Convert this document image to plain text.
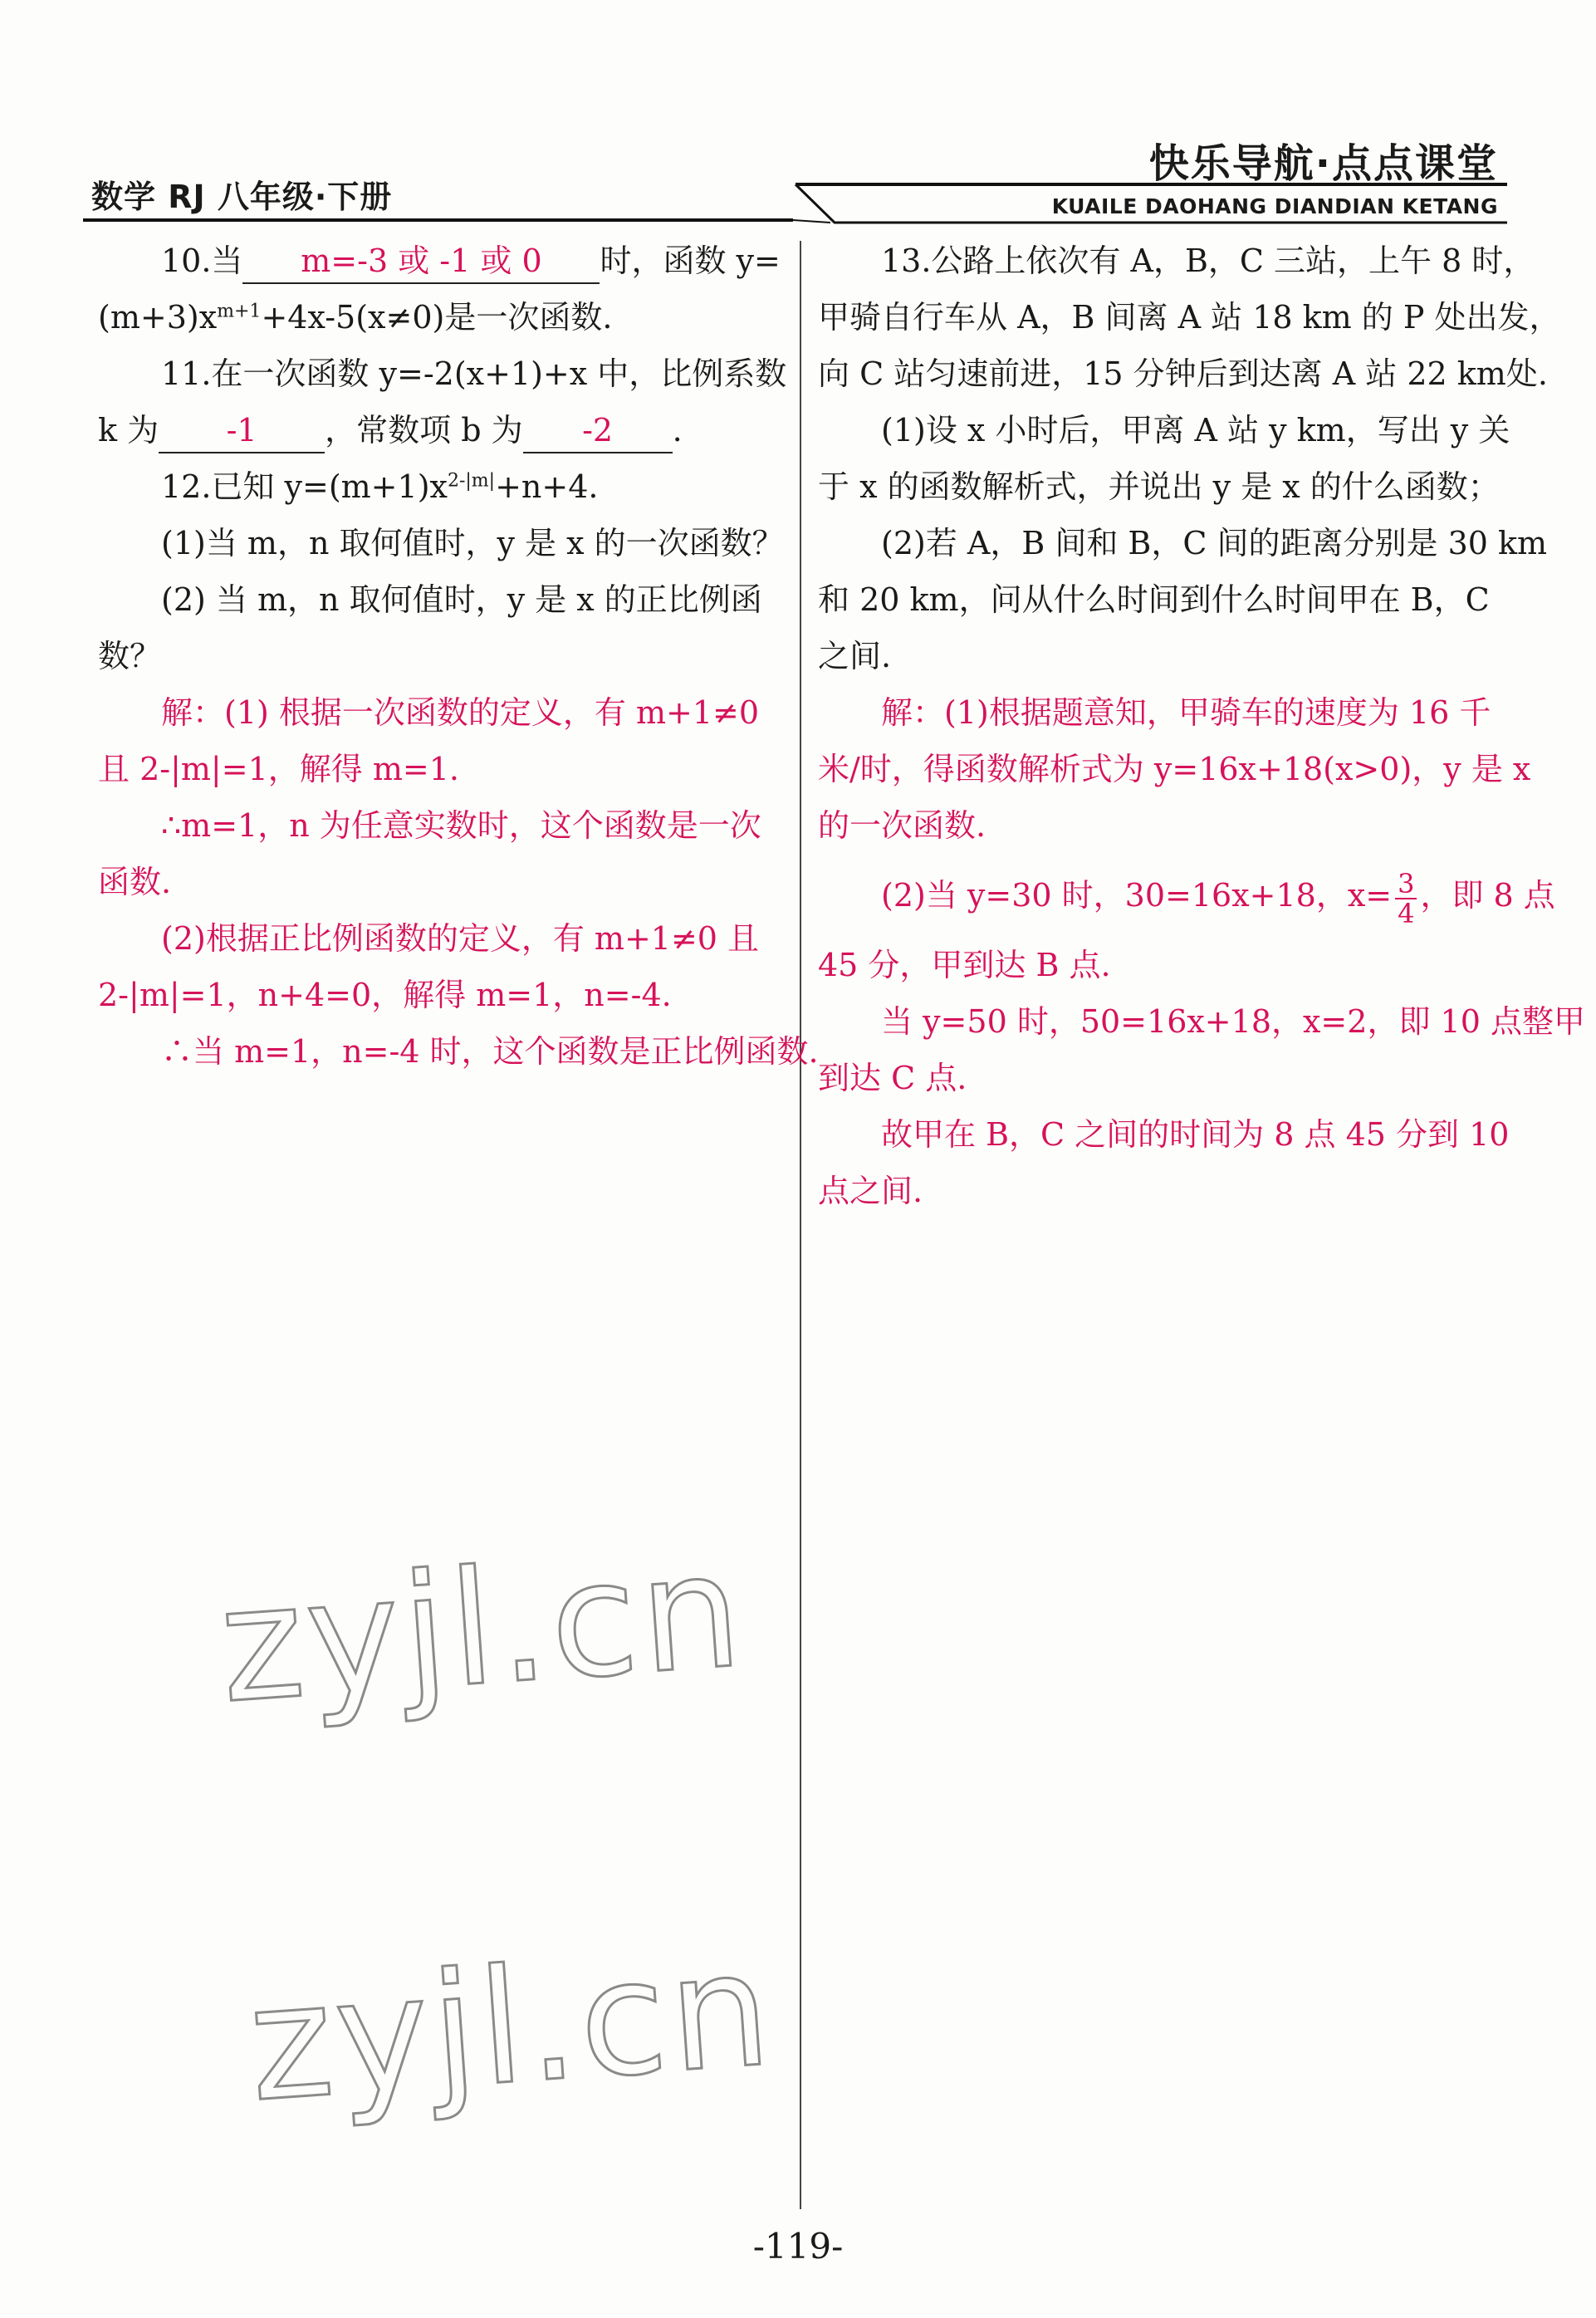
数学 RJ 八年级·下册
快乐导航·点点课堂
KUAILE DAOHANG DIANDIAN KETANG
10.当 m=-3 或 -1 或 0 时，函数 y=
$(m+3)x^{m+1}+4x-5(x\ne 0)$是一次函数.
11.在一次函数 y=-2(x+1)+x 中，比例系数
k 为 -1 ，常数项 b 为 -2 .
12.已知 $y=(m+1)x^{2-|m|}+n+4$.
(1)当 m，n 取何值时，y 是 x 的一次函数？
(2) 当 m，n 取何值时，y 是 x 的正比例函
数？
解：(1) 根据一次函数的定义，有 m+1≠0
且 2-|m|=1，解得 m=1.
∴m=1，n 为任意实数时，这个函数是一次
函数.
(2)根据正比例函数的定义，有 m+1≠0 且
2-|m|=1，n+4=0，解得 m=1，n=-4.
∴当 m=1，n=-4 时，这个函数是正比例函数.
13.公路上依次有 A，B，C 三站，上午 8 时，
甲骑自行车从 A，B 间离 A 站 18 km 的 P 处出发，
向 C 站匀速前进，15 分钟后到达离 A 站 22 km处.
(1)设 x 小时后，甲离 A 站 y km，写出 y 关
于 x 的函数解析式，并说出 y 是 x 的什么函数；
(2)若 A，B 间和 B，C 间的距离分别是 30 km
和 20 km，问从什么时间到什么时间甲在 B，C
之间.
解：(1)根据题意知，甲骑车的速度为 16 千
米/时，得函数解析式为 y=16x+18(x>0)，y 是 x
的一次函数.
(2)当 y=30 时，30=16x+18，$x= \frac{3}{4}$ ，即 8 点
45 分，甲到达 B 点.
当 y=50 时，50=16x+18，x=2，即 10 点整甲
到达 C 点.
故甲在 B，C 之间的时间为 8 点 45 分到 10
点之间.
zyjl.cn
zyjl.cn
-119-
